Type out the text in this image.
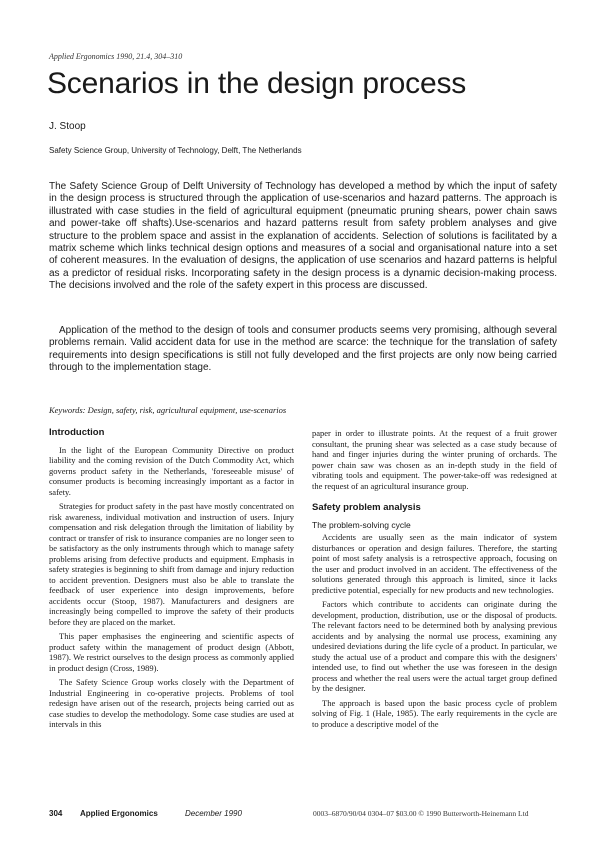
Applied Ergonomics 1990, 21.4, 304–310
Scenarios in the design process
J. Stoop
Safety Science Group, University of Technology, Delft, The Netherlands

The Safety Science Group of Delft University of Technology has developed a method by which the input of safety in the design process is structured through the application of use-scenarios and hazard patterns. The approach is illustrated with case studies in the field of agricultural equipment (pneumatic pruning shears, power chain saws and power-take off shafts).Use-scenarios and hazard patterns result from safety problem analyses and give structure to the problem space and assist in the explanation of accidents. Selection of solutions is facilitated by a matrix scheme which links technical design options and measures of a social and organisational nature into a set of coherent measures. In the evaluation of designs, the application of use scenarios and hazard patterns is helpful as a predictor of residual risks. Incorporating safety in the design process is a dynamic decision-making process. The decisions involved and the role of the safety expert in this process are discussed.

Application of the method to the design of tools and consumer products seems very promising, although several problems remain. Valid accident data for use in the method are scarce: the technique for the translation of safety requirements into design specifications is still not fully developed and the first projects are only now being carried through to the implementation stage.

Keywords: Design, safety, risk, agricultural equipment, use-scenarios
Introduction

In the light of the European Community Directive on product liability and the coming revision of the Dutch Commodity Act, which governs product safety in the Netherlands, 'foreseeable misuse' of consumer products is becoming increasingly important as a factor in safety.

Strategies for product safety in the past have mostly concentrated on risk awareness, individual motivation and instruction of users. Injury compensation and risk delegation through the limitation of liability by contract or transfer of risk to insurance companies are no longer seen to be satisfactory as the only instruments through which to manage safety problems arising from defective products and equipment. Emphasis in safety strategies is beginning to shift from damage and injury reduction to accident prevention. Designers must also be able to translate the feedback of user experience into design improvements, before accidents occur (Stoop, 1987). Manufacturers and designers are increasingly being compelled to improve the safety of their products before they are placed on the market.

This paper emphasises the engineering and scientific aspects of product safety within the management of product design (Abbott, 1987). We restrict ourselves to the design process as commonly applied in product design (Cross, 1989).

The Safety Science Group works closely with the Department of Industrial Engineering in co-operative projects. Problems of tool redesign have arisen out of the research, projects being carried out as case studies to develop the methodology. Some case studies are used at intervals in this

paper in order to illustrate points. At the request of a fruit grower consultant, the pruning shear was selected as a case study because of hand and finger injuries during the winter pruning of orchards. The power chain saw was chosen as an in-depth study in the field of vibrating tools and equipment. The power-take-off was redesigned at the request of an agricultural insurance group.

Safety problem analysis
The problem-solving cycle

Accidents are usually seen as the main indicator of system disturbances or operation and design failures. Therefore, the starting point of most safety analysis is a retrospective approach, focusing on the user and product involved in an accident. The effectiveness of the solutions generated through this approach is limited, since it lacks predictive potential, especially for new products and new technologies.

Factors which contribute to accidents can originate during the development, production, distribution, use or the disposal of products. The relevant factors need to be determined both by analysing previous accidents and by analysing the normal use process, examining any undesired deviations during the life cycle of a product. In particular, we study the actual use of a product and compare this with the designers' intended use, to find out whether the use was foreseen in the design process and whether the real users were the actual target group defined by the designer.

The approach is based upon the basic process cycle of problem solving of Fig. 1 (Hale, 1985). The early requirements in the cycle are to produce a descriptive model of the

304 Applied Ergonomics	December 1990	0003–6870/90/04 0304–07 $03.00 © 1990 Butterworth-Heinemann Ltd
